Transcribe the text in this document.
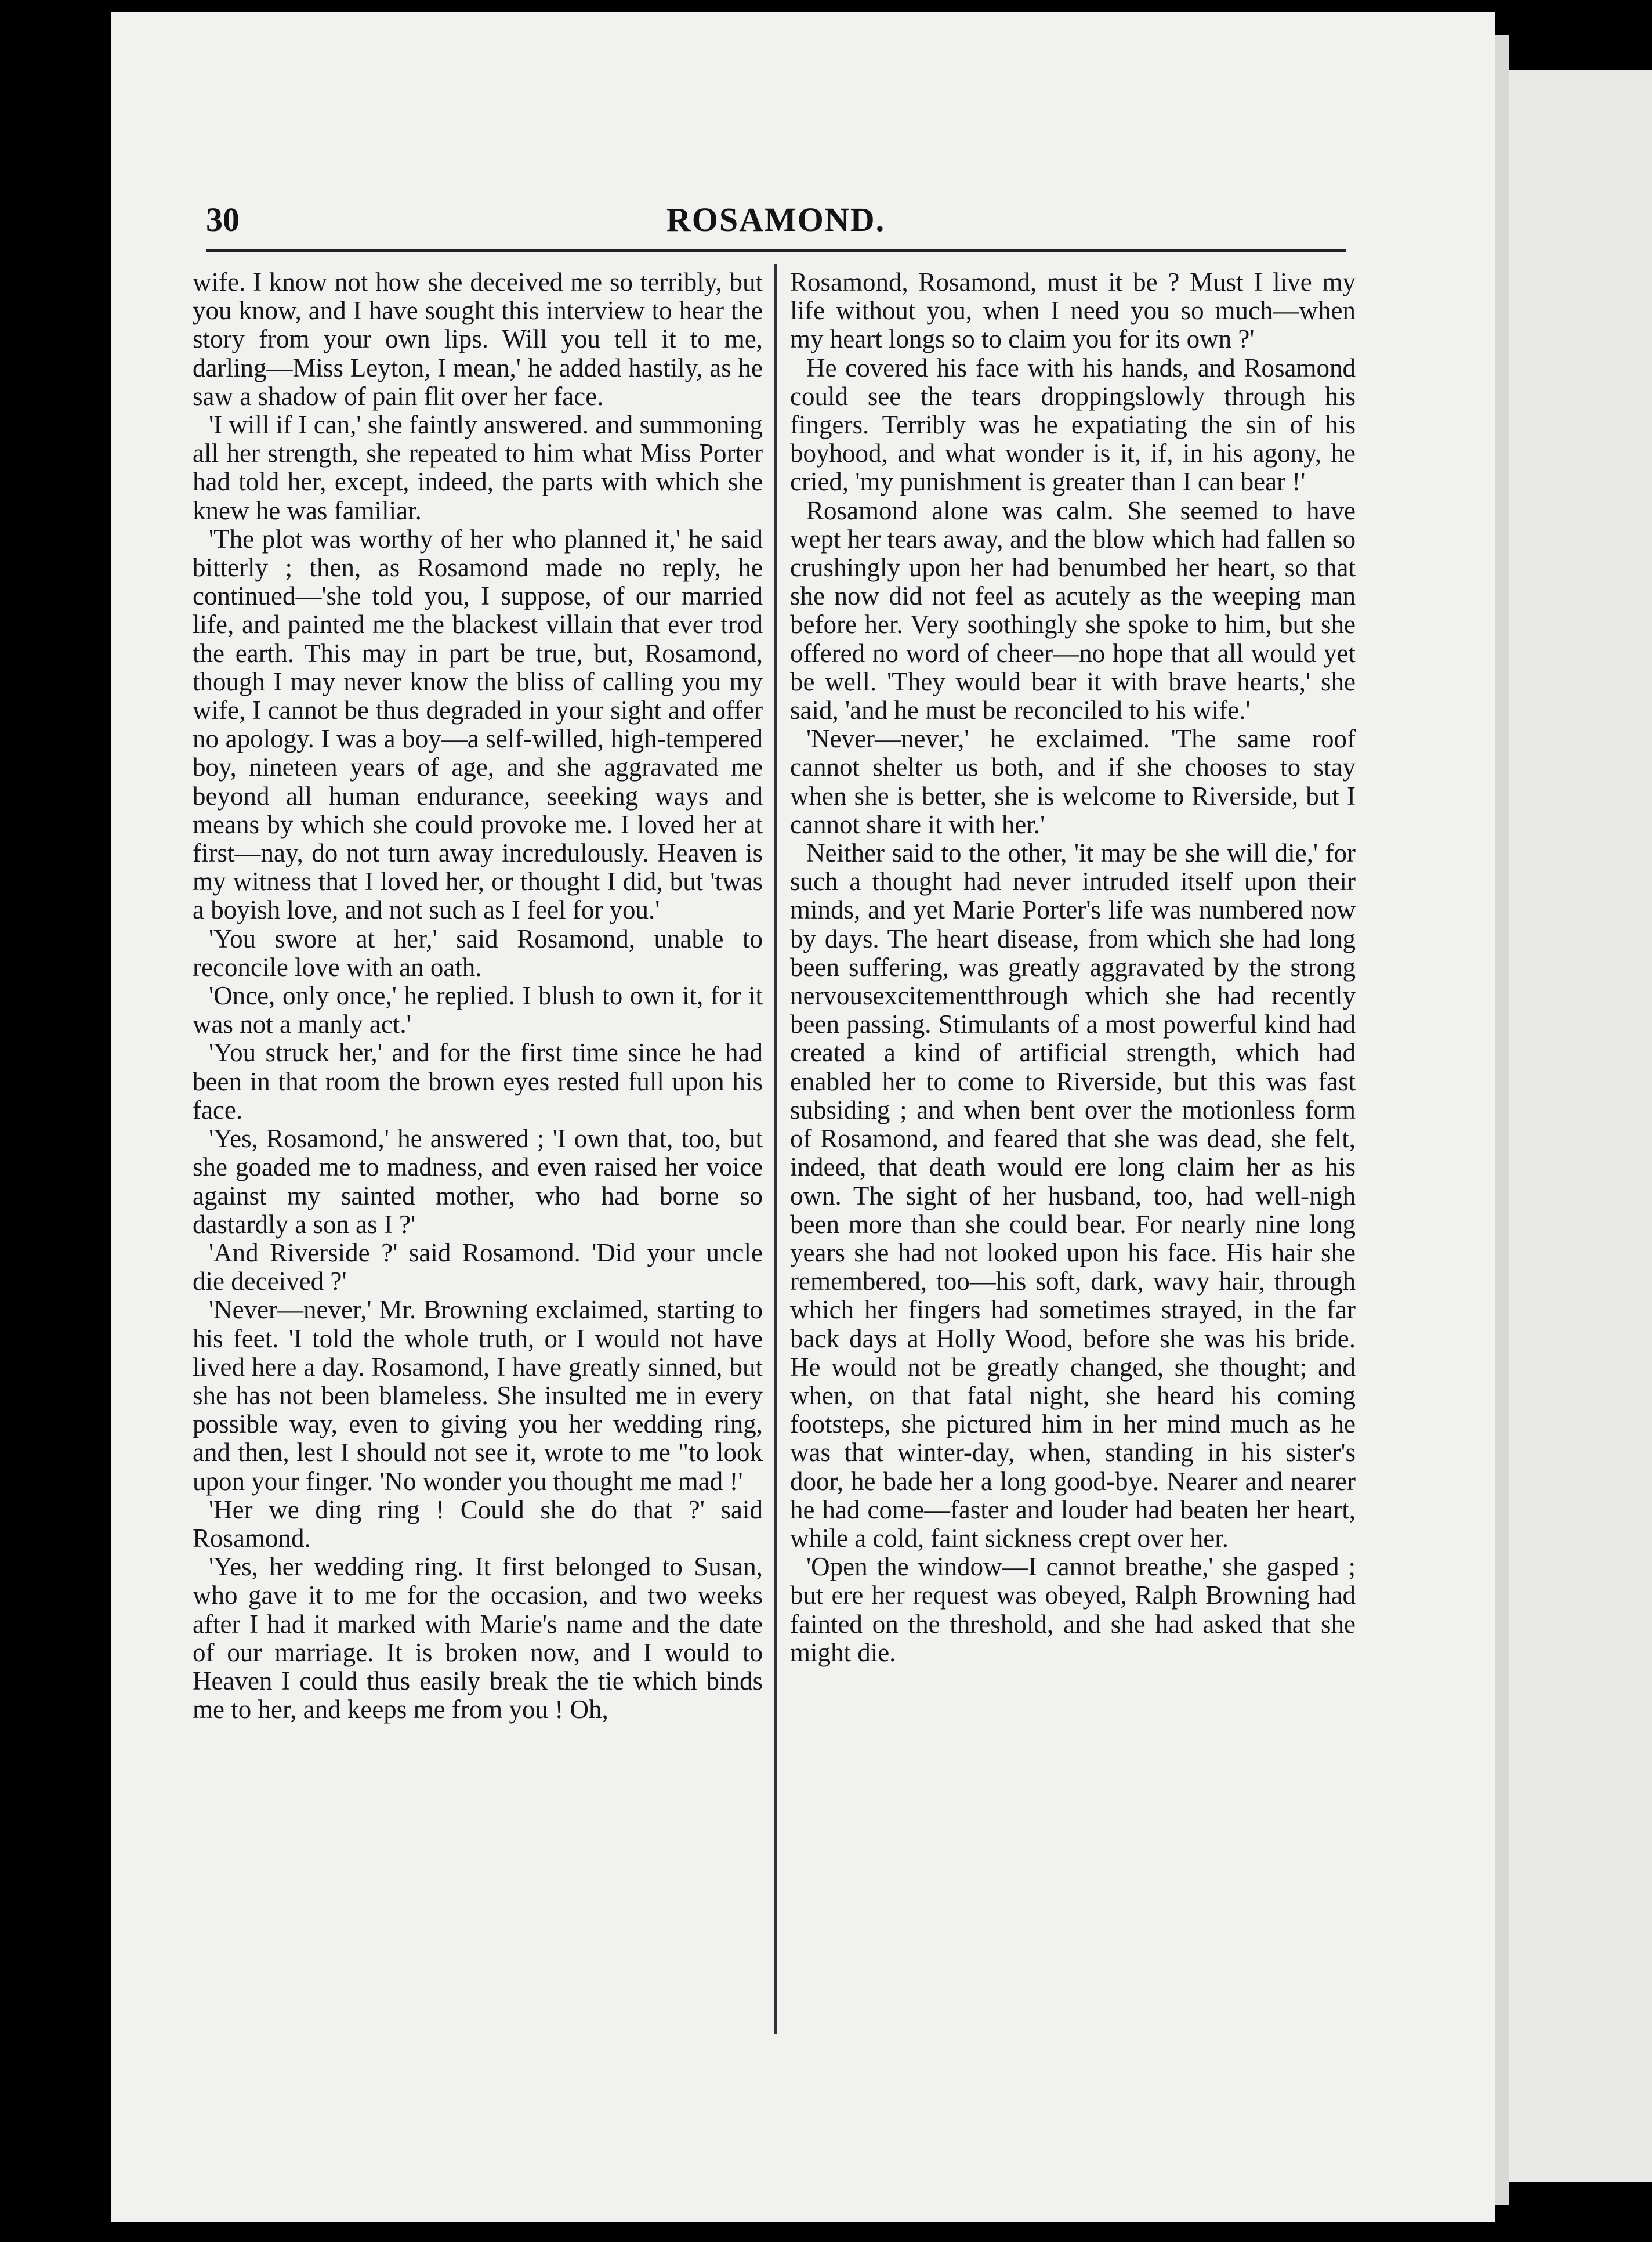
30	ROSAMOND.

wife. I know not how she deceived me so terribly, but you know, and I have sought this interview to hear the story from your own lips. Will you tell it to me, darling—Miss Leyton, I mean,' he added hastily, as he saw a shadow of pain flit over her face.

'I will if I can,' she faintly answered. and summoning all her strength, she repeated to him what Miss Porter had told her, except, indeed, the parts with which she knew he was familiar.

'The plot was worthy of her who planned it,' he said bitterly ; then, as Rosamond made no reply, he continued—'she told you, I suppose, of our married life, and painted me the blackest villain that ever trod the earth. This may in part be true, but, Rosamond, though I may never know the bliss of calling you my wife, I cannot be thus degraded in your sight and offer no apology. I was a boy—a self-willed, high-tempered boy, nineteen years of age, and she aggravated me beyond all human endurance, seeeking ways and means by which she could provoke me. I loved her at first—nay, do not turn away incredulously. Heaven is my witness that I loved her, or thought I did, but 'twas a boyish love, and not such as I feel for you.'

'You swore at her,' said Rosamond, unable to reconcile love with an oath.

'Once, only once,' he replied. I blush to own it, for it was not a manly act.'

'You struck her,' and for the first time since he had been in that room the brown eyes rested full upon his face.

'Yes, Rosamond,' he answered ; 'I own that, too, but she goaded me to madness, and even raised her voice against my sainted mother, who had borne so dastardly a son as I ?'

'And Riverside ?' said Rosamond. 'Did your uncle die deceived ?'

'Never—never,' Mr. Browning exclaimed, starting to his feet. 'I told the whole truth, or I would not have lived here a day. Rosamond, I have greatly sinned, but she has not been blameless. She insulted me in every possible way, even to giving you her wedding ring, and then, lest I should not see it, wrote to me "to look upon your finger. 'No wonder you thought me mad !'

'Her we ding ring ! Could she do that ?' said Rosamond.

'Yes, her wedding ring. It first belonged to Susan, who gave it to me for the occasion, and two weeks after I had it marked with Marie's name and the date of our marriage. It is broken now, and I would to Heaven I could thus easily break the tie which binds me to her, and keeps me from you ! Oh,

Rosamond, Rosamond, must it be ? Must I live my life without you, when I need you so much—when my heart longs so to claim you for its own ?'

He covered his face with his hands, and Rosamond could see the tears droppingslowly through his fingers. Terribly was he expatiating the sin of his boyhood, and what wonder is it, if, in his agony, he cried, 'my punishment is greater than I can bear !'

Rosamond alone was calm. She seemed to have wept her tears away, and the blow which had fallen so crushingly upon her had benumbed her heart, so that she now did not feel as acutely as the weeping man before her. Very soothingly she spoke to him, but she offered no word of cheer—no hope that all would yet be well. 'They would bear it with brave hearts,' she said, 'and he must be reconciled to his wife.'

'Never—never,' he exclaimed. 'The same roof cannot shelter us both, and if she chooses to stay when she is better, she is welcome to Riverside, but I cannot share it with her.'

Neither said to the other, 'it may be she will die,' for such a thought had never intruded itself upon their minds, and yet Marie Porter's life was numbered now by days. The heart disease, from which she had long been suffering, was greatly aggravated by the strong nervousexcitementthrough which she had recently been passing. Stimulants of a most powerful kind had created a kind of artificial strength, which had enabled her to come to Riverside, but this was fast subsiding ; and when bent over the motionless form of Rosamond, and feared that she was dead, she felt, indeed, that death would ere long claim her as his own. The sight of her husband, too, had well-nigh been more than she could bear. For nearly nine long years she had not looked upon his face. His hair she remembered, too—his soft, dark, wavy hair, through which her fingers had sometimes strayed, in the far back days at Holly Wood, before she was his bride. He would not be greatly changed, she thought; and when, on that fatal night, she heard his coming footsteps, she pictured him in her mind much as he was that winter-day, when, standing in his sister's door, he bade her a long good-bye. Nearer and nearer he had come—faster and louder had beaten her heart, while a cold, faint sickness crept over her.

'Open the window—I cannot breathe,' she gasped ; but ere her request was obeyed, Ralph Browning had fainted on the threshold, and she had asked that she might die.
